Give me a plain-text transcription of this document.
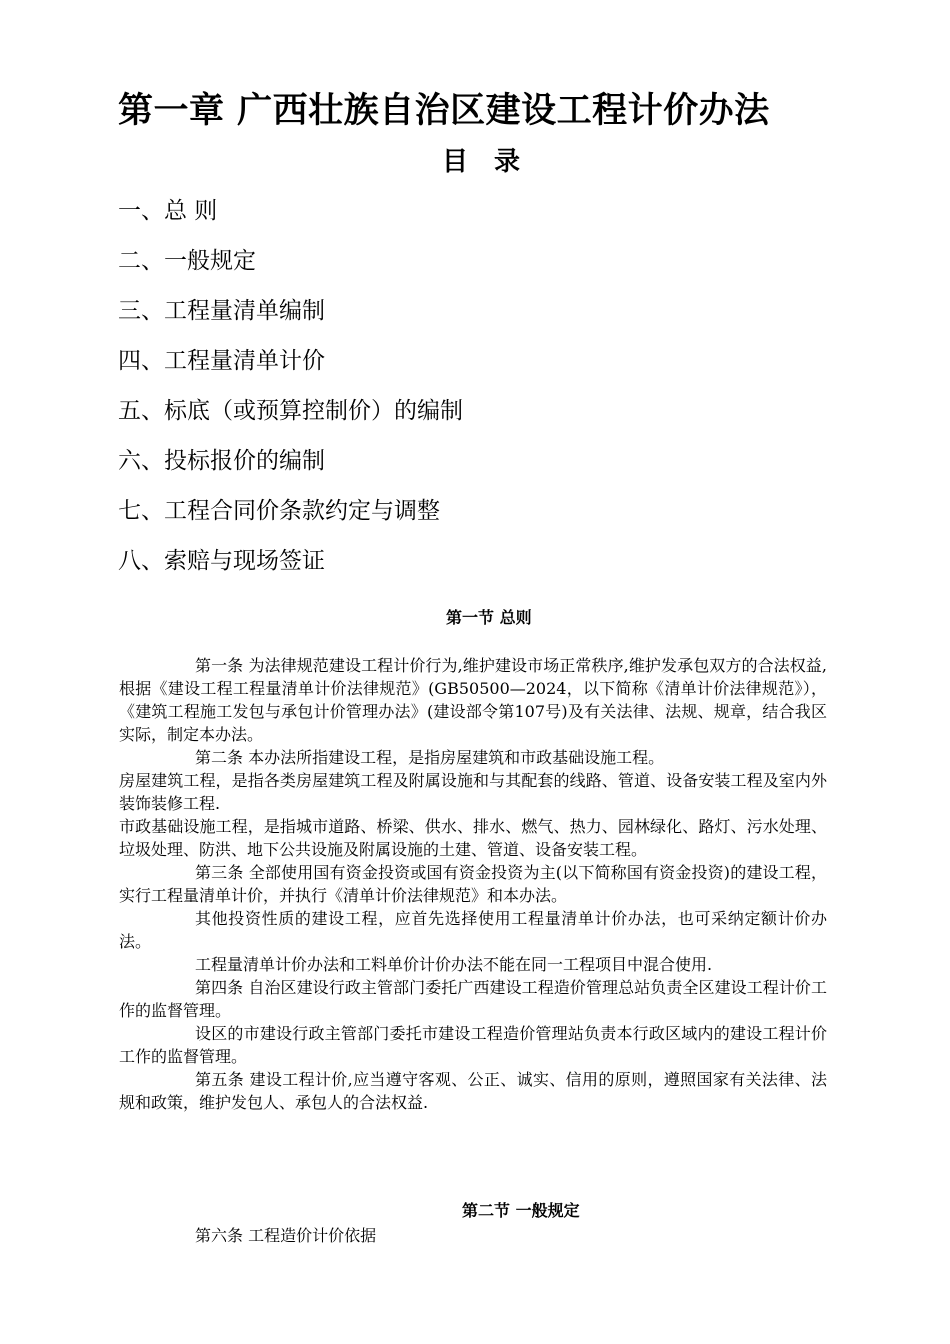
第一章 广西壮族自治区建设工程计价办法
目　录
一、总 则
二、一般规定
三、工程量清单编制
四、工程量清单计价
五、标底（或预算控制价）的编制
六、投标报价的编制
七、工程合同价条款约定与调整
八、索赔与现场签证
第一节 总则

第一条 为法律规范建设工程计价行为,维护建设市场正常秩序,维护发承包双方的合法权益,根据《建设工程工程量清单计价法律规范》(GB50500—2024，以下简称《清单计价法律规范》），《建筑工程施工发包与承包计价管理办法》(建设部令第107号)及有关法律、法规、规章，结合我区实际，制定本办法。

第二条 本办法所指建设工程，是指房屋建筑和市政基础设施工程。

房屋建筑工程，是指各类房屋建筑工程及附属设施和与其配套的线路、管道、设备安装工程及室内外装饰装修工程.

市政基础设施工程，是指城市道路、桥梁、供水、排水、燃气、热力、园林绿化、路灯、污水处理、垃圾处理、防洪、地下公共设施及附属设施的土建、管道、设备安装工程。

第三条 全部使用国有资金投资或国有资金投资为主(以下简称国有资金投资)的建设工程，实行工程量清单计价，并执行《清单计价法律规范》和本办法。

其他投资性质的建设工程，应首先选择使用工程量清单计价办法，也可采纳定额计价办法。

工程量清单计价办法和工料单价计价办法不能在同一工程项目中混合使用.

第四条 自治区建设行政主管部门委托广西建设工程造价管理总站负责全区建设工程计价工作的监督管理。

设区的市建设行政主管部门委托市建设工程造价管理站负责本行政区域内的建设工程计价工作的监督管理。

第五条 建设工程计价,应当遵守客观、公正、诚实、信用的原则，遵照国家有关法律、法规和政策，维护发包人、承包人的合法权益.

第二节 一般规定

第六条 工程造价计价依据
